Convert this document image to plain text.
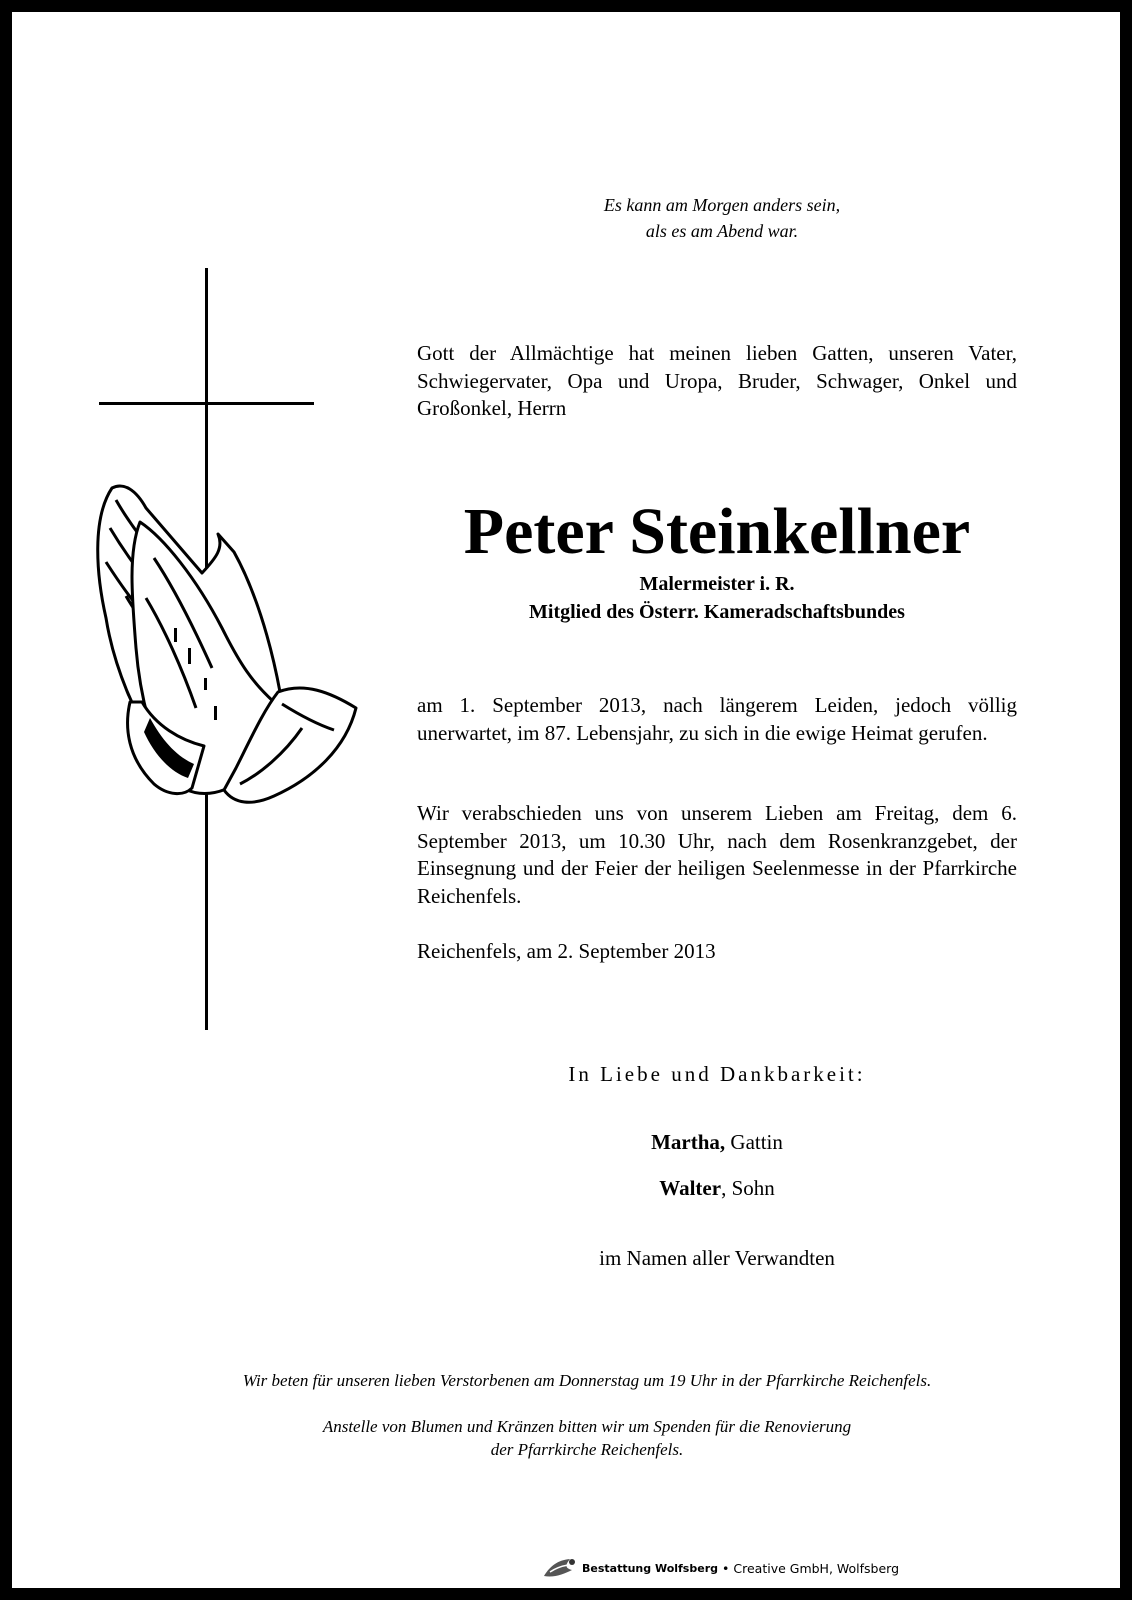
Es kann am Morgen anders sein,
als es am Abend war.
Gott der Allmächtige hat meinen lieben Gatten, unseren Vater, Schwiegervater, Opa und Uropa, Bruder, Schwager, Onkel und Großonkel, Herrn
Peter Steinkellner
Malermeister i. R.
Mitglied des Österr. Kameradschaftsbundes
am 1. September 2013, nach längerem Leiden, jedoch völlig unerwartet, im 87. Lebensjahr, zu sich in die ewige Heimat gerufen.
Wir verabschieden uns von unserem Lieben am Freitag, dem 6. September 2013, um 10.30 Uhr, nach dem Rosenkranzgebet, der Einsegnung und der Feier der heiligen Seelenmesse in der Pfarrkirche Reichenfels.
Reichenfels, am 2. September 2013
In Liebe und Dankbarkeit:
Martha, Gattin
Walter, Sohn
im Namen aller Verwandten
Wir beten für unseren lieben Verstorbenen am Donnerstag um 19 Uhr in der Pfarrkirche Reichenfels.
Anstelle von Blumen und Kränzen bitten wir um Spenden für die Renovierung
der Pfarrkirche Reichenfels.
Bestattung Wolfsberg • Creative GmbH, Wolfsberg
